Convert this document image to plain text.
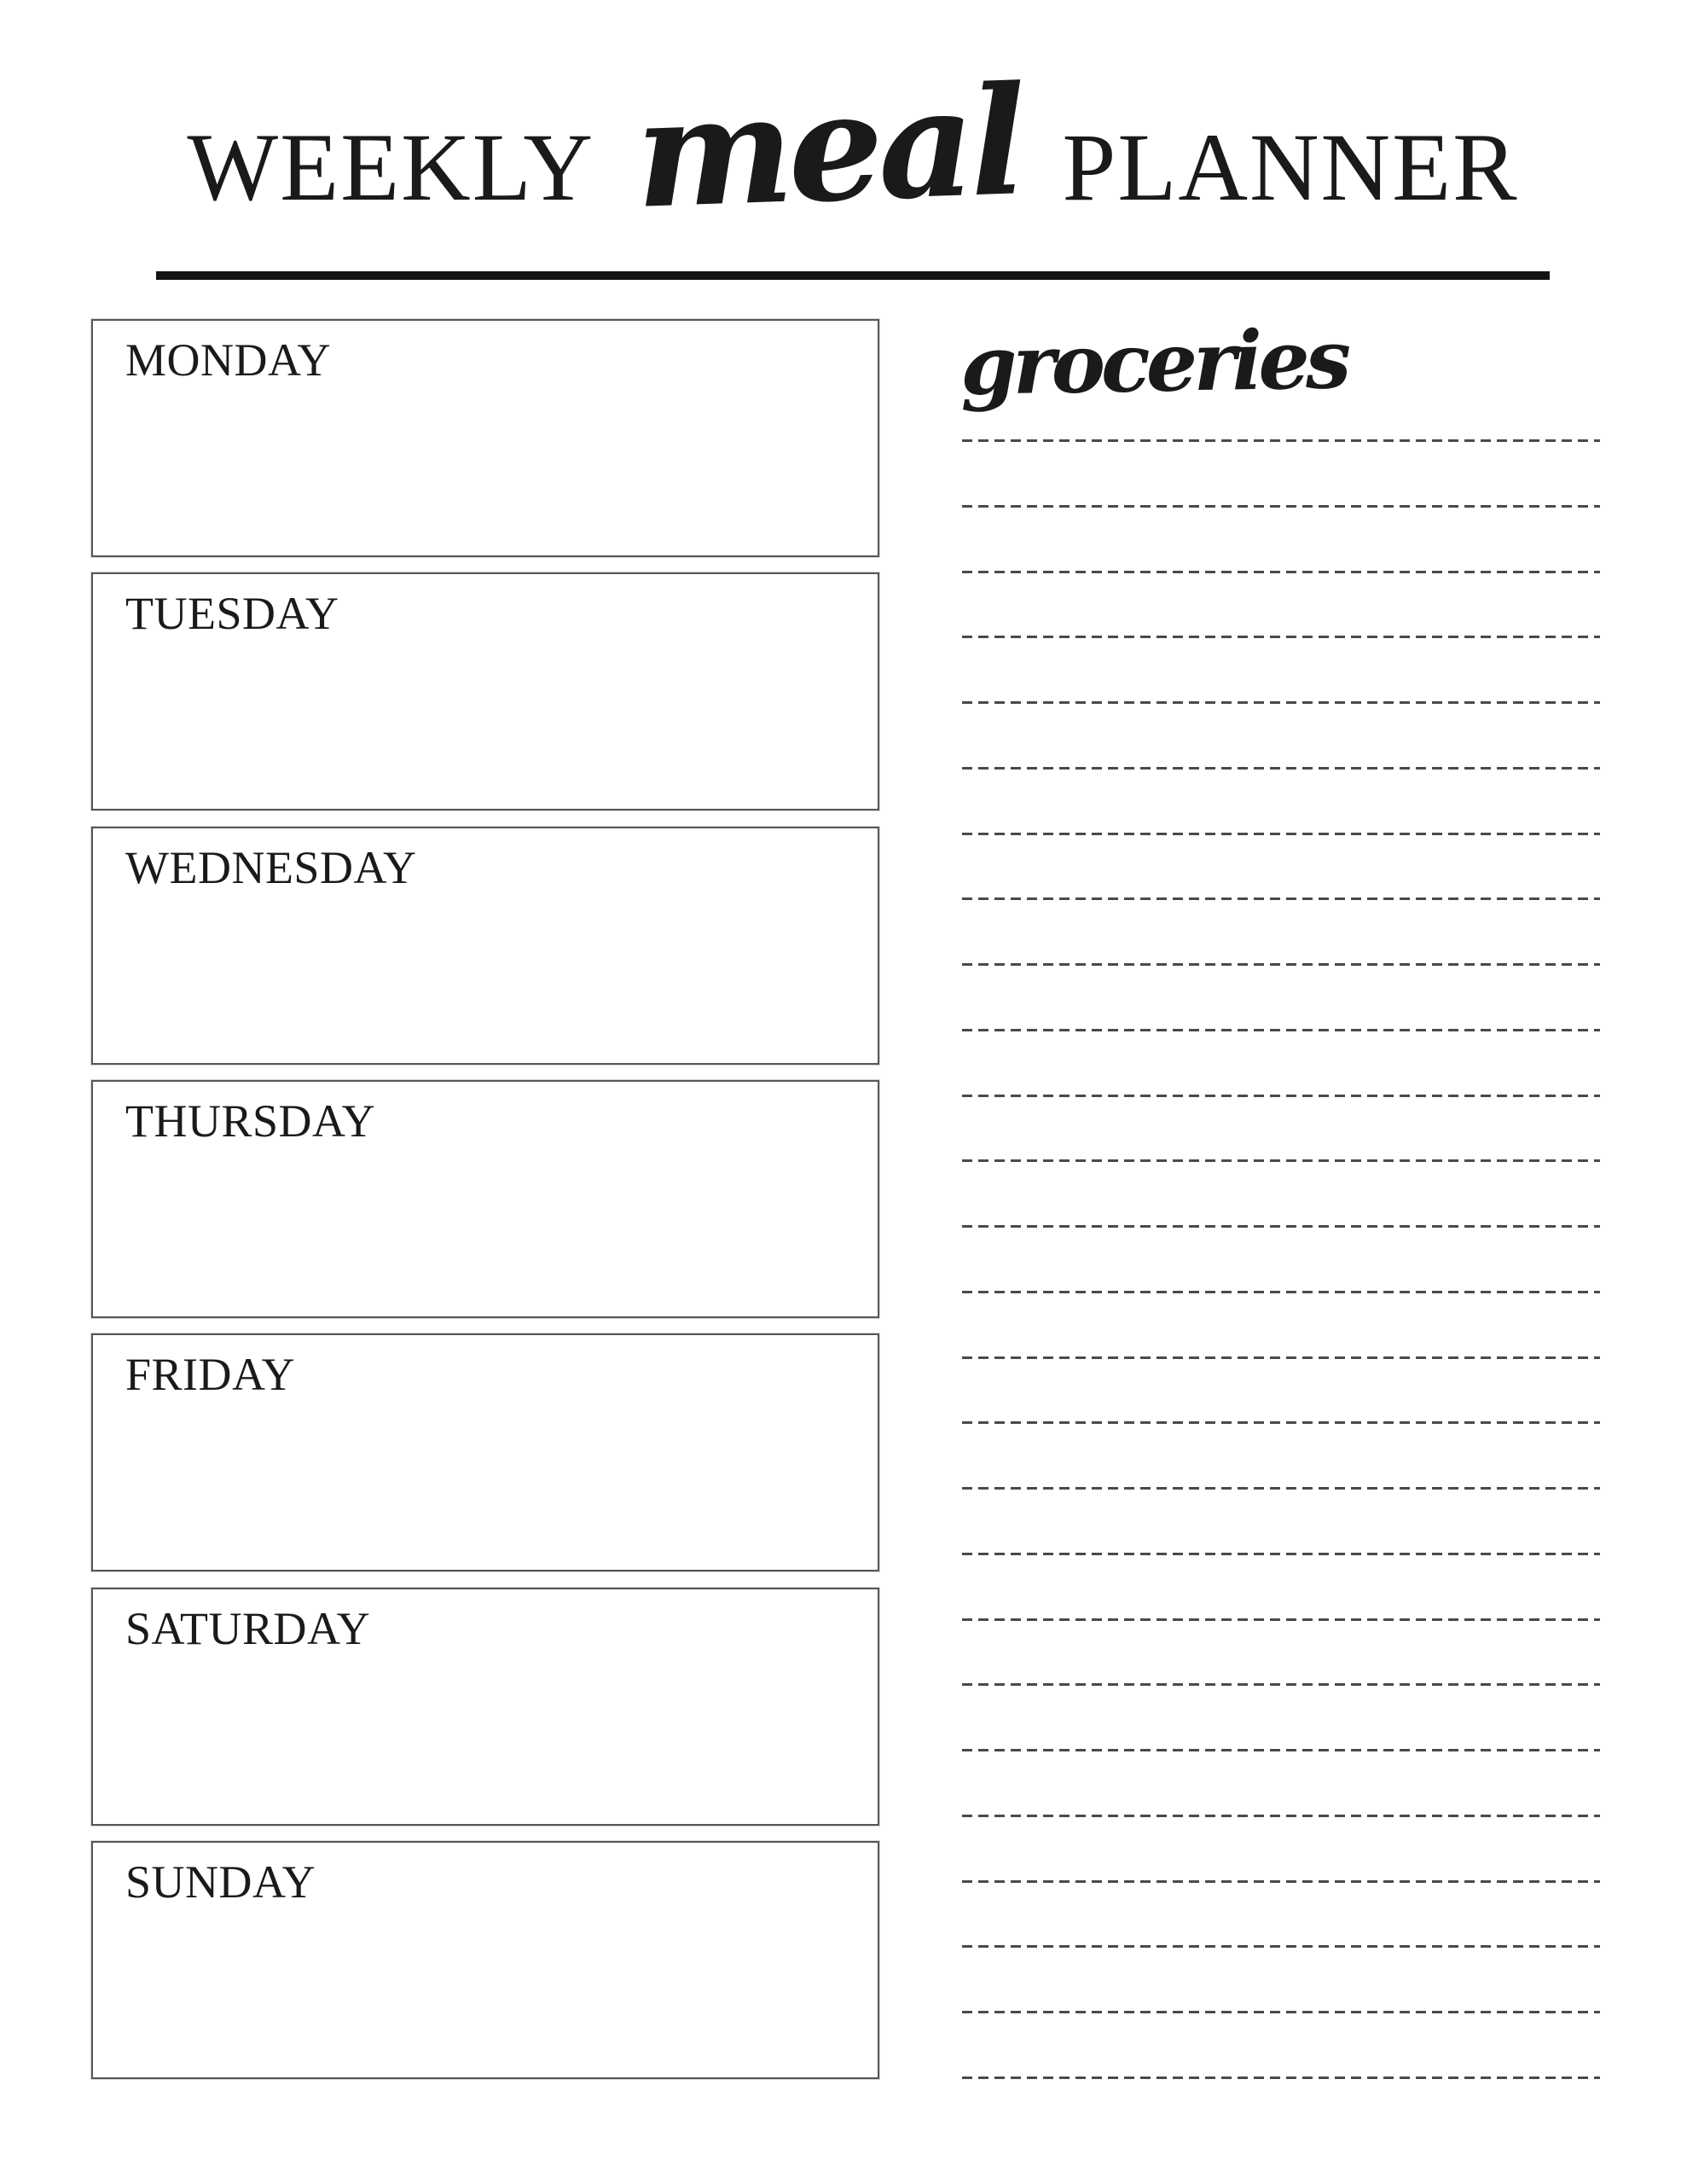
WEEKLY meal PLANNER
MONDAY
TUESDAY
WEDNESDAY
THURSDAY
FRIDAY
SATURDAY
SUNDAY
groceries
